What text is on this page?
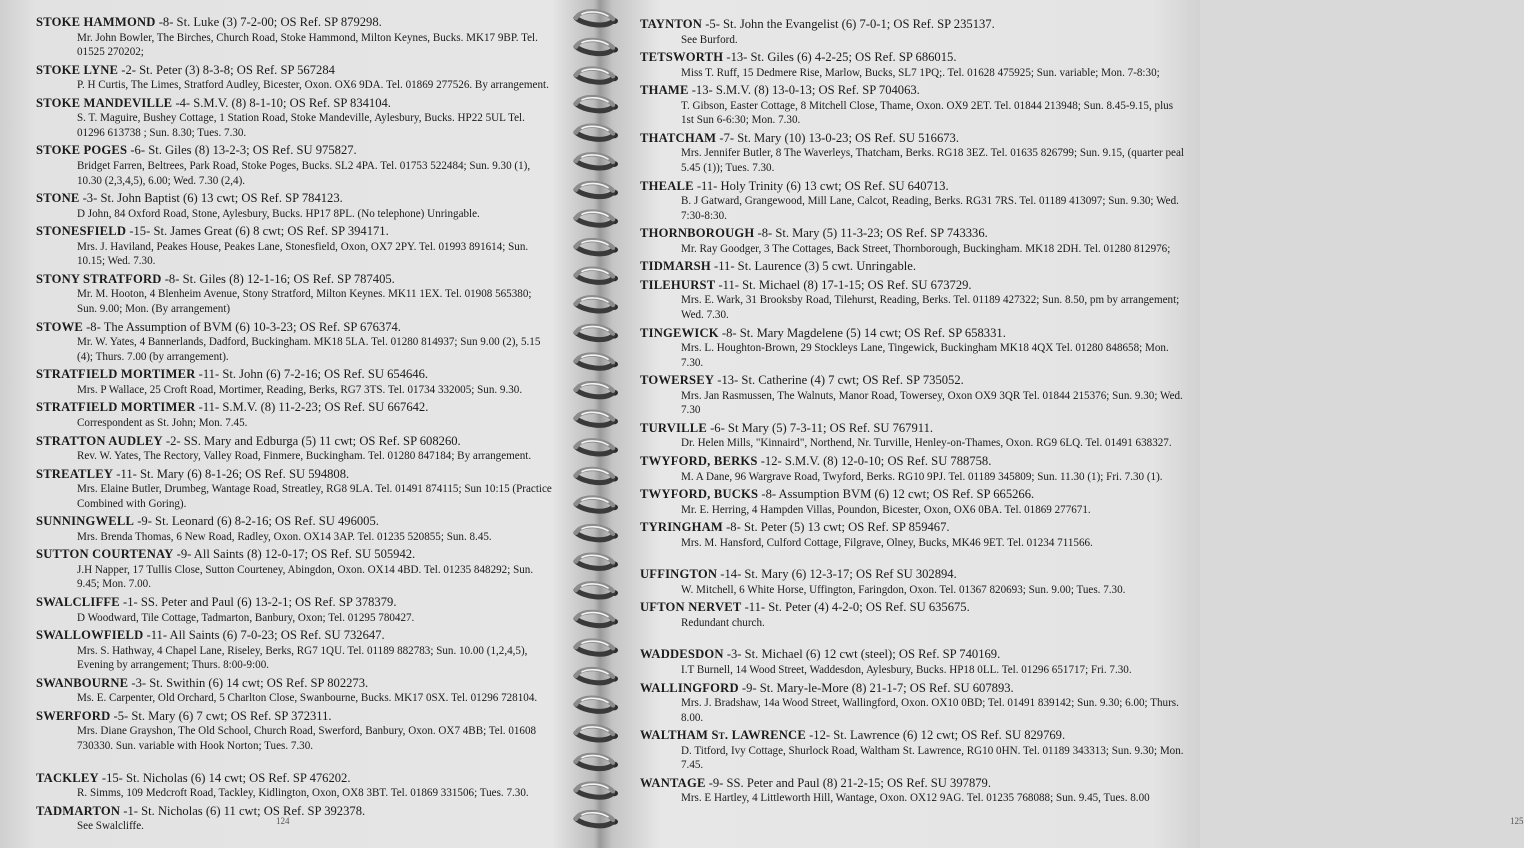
STOKE HAMMOND -8- St. Luke (3) 7-2-00; OS Ref. SP 879298.
Mr. John Bowler, The Birches, Church Road, Stoke Hammond, Milton Keynes, Bucks. MK17 9BP. Tel. 01525 270202;
STOKE LYNE -2- St. Peter (3) 8-3-8; OS Ref. SP 567284
P. H Curtis, The Limes, Stratford Audley, Bicester, Oxon. OX6 9DA. Tel. 01869 277526. By arrangement.
STOKE MANDEVILLE -4- S.M.V. (8) 8-1-10; OS Ref. SP 834104.
S. T. Maguire, Bushey Cottage, 1 Station Road, Stoke Mandeville, Aylesbury, Bucks. HP22 5UL Tel. 01296 613738 ; Sun. 8.30; Tues. 7.30.
STOKE POGES -6- St. Giles (8) 13-2-3; OS Ref. SU 975827.
Bridget Farren, Beltrees, Park Road, Stoke Poges, Bucks. SL2 4PA. Tel. 01753 522484; Sun. 9.30 (1), 10.30 (2,3,4,5), 6.00; Wed. 7.30 (2,4).
STONE -3- St. John Baptist (6) 13 cwt; OS Ref. SP 784123.
D John, 84 Oxford Road, Stone, Aylesbury, Bucks. HP17 8PL. (No telephone) Unringable.
STONESFIELD -15- St. James Great (6) 8 cwt; OS Ref. SP 394171.
Mrs. J. Haviland, Peakes House, Peakes Lane, Stonesfield, Oxon, OX7 2PY. Tel. 01993 891614; Sun. 10.15; Wed. 7.30.
STONY STRATFORD -8- St. Giles (8) 12-1-16; OS Ref. SP 787405.
Mr. M. Hooton, 4 Blenheim Avenue, Stony Stratford, Milton Keynes. MK11 1EX. Tel. 01908 565380; Sun. 9.00; Mon. (By arrangement)
STOWE -8- The Assumption of BVM (6) 10-3-23; OS Ref. SP 676374.
Mr. W. Yates, 4 Bannerlands, Dadford, Buckingham. MK18 5LA. Tel. 01280 814937; Sun 9.00 (2), 5.15 (4); Thurs. 7.00 (by arrangement).
STRATFIELD MORTIMER -11- St. John (6) 7-2-16; OS Ref. SU 654646.
Mrs. P Wallace, 25 Croft Road, Mortimer, Reading, Berks, RG7 3TS. Tel. 01734 332005; Sun. 9.30.
STRATFIELD MORTIMER -11- S.M.V. (8) 11-2-23; OS Ref. SU 667642.
Correspondent as St. John; Mon. 7.45.
STRATTON AUDLEY -2- SS. Mary and Edburga (5) 11 cwt; OS Ref. SP 608260.
Rev. W. Yates, The Rectory, Valley Road, Finmere, Buckingham. Tel. 01280 847184; By arrangement.
STREATLEY -11- St. Mary (6) 8-1-26; OS Ref. SU 594808.
Mrs. Elaine Butler, Drumbeg, Wantage Road, Streatley, RG8 9LA. Tel. 01491 874115; Sun 10:15 (Practice Combined with Goring).
SUNNINGWELL -9- St. Leonard (6) 8-2-16; OS Ref. SU 496005.
Mrs. Brenda Thomas, 6 New Road, Radley, Oxon. OX14 3AP. Tel. 01235 520855; Sun. 8.45.
SUTTON COURTENAY -9- All Saints (8) 12-0-17; OS Ref. SU 505942.
J.H Napper, 17 Tullis Close, Sutton Courteney, Abingdon, Oxon. OX14 4BD. Tel. 01235 848292; Sun. 9.45; Mon. 7.00.
SWALCLIFFE -1- SS. Peter and Paul (6) 13-2-1; OS Ref. SP 378379.
D Woodward, Tile Cottage, Tadmarton, Banbury, Oxon; Tel. 01295 780427.
SWALLOWFIELD -11- All Saints (6) 7-0-23; OS Ref. SU 732647.
Mrs. S. Hathway, 4 Chapel Lane, Riseley, Berks, RG7 1QU. Tel. 01189 882783; Sun. 10.00 (1,2,4,5), Evening by arrangement; Thurs. 8:00-9:00.
SWANBOURNE -3- St. Swithin (6) 14 cwt; OS Ref. SP 802273.
Ms. E. Carpenter, Old Orchard, 5 Charlton Close, Swanbourne, Bucks. MK17 0SX. Tel. 01296 728104.
SWERFORD -5- St. Mary (6) 7 cwt; OS Ref. SP 372311.
Mrs. Diane Grayshon, The Old School, Church Road, Swerford, Banbury, Oxon. OX7 4BB; Tel. 01608 730330. Sun. variable with Hook Norton; Tues. 7.30.
TACKLEY -15- St. Nicholas (6) 14 cwt; OS Ref. SP 476202.
R. Simms, 109 Medcroft Road, Tackley, Kidlington, Oxon, OX8 3BT. Tel. 01869 331506; Tues. 7.30.
TADMARTON -1- St. Nicholas (6) 11 cwt; OS Ref. SP 392378.
See Swalcliffe.	124
TAYNTON -5- St. John the Evangelist (6) 7-0-1; OS Ref. SP 235137.
See Burford.
TETSWORTH -13- St. Giles (6) 4-2-25; OS Ref. SP 686015.
Miss T. Ruff, 15 Dedmere Rise, Marlow, Bucks, SL7 1PQ;. Tel. 01628 475925; Sun. variable; Mon. 7-8:30;
THAME -13- S.M.V. (8) 13-0-13; OS Ref. SP 704063.
T. Gibson, Easter Cottage, 8 Mitchell Close, Thame, Oxon. OX9 2ET. Tel. 01844 213948; Sun. 8.45-9.15, plus 1st Sun 6-6:30; Mon. 7.30.
THATCHAM -7- St. Mary (10) 13-0-23; OS Ref. SU 516673.
Mrs. Jennifer Butler, 8 The Waverleys, Thatcham, Berks. RG18 3EZ. Tel. 01635 826799; Sun. 9.15, (quarter peal 5.45 (1)); Tues. 7.30.
THEALE -11- Holy Trinity (6) 13 cwt; OS Ref. SU 640713.
B. J Gatward, Grangewood, Mill Lane, Calcot, Reading, Berks. RG31 7RS. Tel. 01189 413097; Sun. 9.30; Wed. 7:30-8:30.
THORNBOROUGH -8- St. Mary (5) 11-3-23; OS Ref. SP 743336.
Mr. Ray Goodger, 3 The Cottages, Back Street, Thornborough, Buckingham. MK18 2DH. Tel. 01280 812976;
TIDMARSH -11- St. Laurence (3) 5 cwt. Unringable.
TILEHURST -11- St. Michael (8) 17-1-15; OS Ref. SU 673729.
Mrs. E. Wark, 31 Brooksby Road, Tilehurst, Reading, Berks. Tel. 01189 427322; Sun. 8.50, pm by arrangement; Wed. 7.30.
TINGEWICK -8- St. Mary Magdelene (5) 14 cwt; OS Ref. SP 658331.
Mrs. L. Houghton-Brown, 29 Stockleys Lane, Tingewick, Buckingham MK18 4QX Tel. 01280 848658; Mon. 7.30.
TOWERSEY -13- St. Catherine (4) 7 cwt; OS Ref. SP 735052.
Mrs. Jan Rasmussen, The Walnuts, Manor Road, Towersey, Oxon OX9 3QR Tel. 01844 215376; Sun. 9.30; Wed. 7.30
TURVILLE -6- St Mary (5) 7-3-11; OS Ref. SU 767911.
Dr. Helen Mills, "Kinnaird", Northend, Nr. Turville, Henley-on-Thames, Oxon. RG9 6LQ. Tel. 01491 638327.
TWYFORD, BERKS -12- S.M.V. (8) 12-0-10; OS Ref. SU 788758.
M. A Dane, 96 Wargrave Road, Twyford, Berks. RG10 9PJ. Tel. 01189 345809; Sun. 11.30 (1); Fri. 7.30 (1).
TWYFORD, BUCKS -8- Assumption BVM (6) 12 cwt; OS Ref. SP 665266.
Mr. E. Herring, 4 Hampden Villas, Poundon, Bicester, Oxon, OX6 0BA. Tel. 01869 277671.
TYRINGHAM -8- St. Peter (5) 13 cwt; OS Ref. SP 859467.
Mrs. M. Hansford, Culford Cottage, Filgrave, Olney, Bucks, MK46 9ET. Tel. 01234 711566.
UFFINGTON -14- St. Mary (6) 12-3-17; OS Ref SU 302894.
W. Mitchell, 6 White Horse, Uffington, Faringdon, Oxon. Tel. 01367 820693; Sun. 9.00; Tues. 7.30.
UFTON NERVET -11- St. Peter (4) 4-2-0; OS Ref. SU 635675.
Redundant church.
WADDESDON -3- St. Michael (6) 12 cwt (steel); OS Ref. SP 740169.
I.T Burnell, 14 Wood Street, Waddesdon, Aylesbury, Bucks. HP18 0LL. Tel. 01296 651717; Fri. 7.30.
WALLINGFORD -9- St. Mary-le-More (8) 21-1-7; OS Ref. SU 607893.
Mrs. J. Bradshaw, 14a Wood Street, Wallingford, Oxon. OX10 0BD; Tel. 01491 839142; Sun. 9.30; 6.00; Thurs. 8.00.
WALTHAM St. LAWRENCE -12- St. Lawrence (6) 12 cwt; OS Ref. SU 829769.
D. Titford, Ivy Cottage, Shurlock Road, Waltham St. Lawrence, RG10 0HN. Tel. 01189 343313; Sun. 9.30; Mon. 7.45.
WANTAGE -9- SS. Peter and Paul (8) 21-2-15; OS Ref. SU 397879.
Mrs. E Hartley, 4 Littleworth Hill, Wantage, Oxon. OX12 9AG. Tel. 01235 768088; Sun. 9.45, Tues. 8.00
125
